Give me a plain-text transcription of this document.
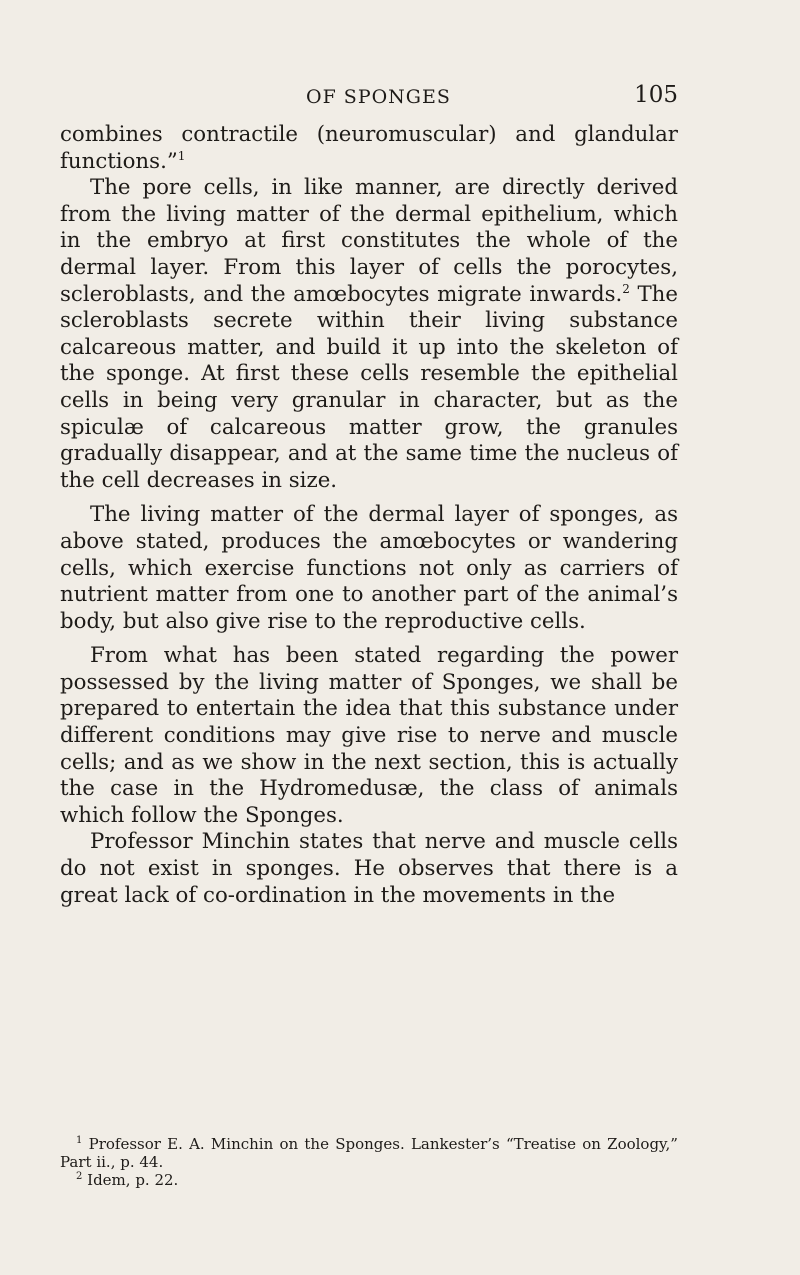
OF SPONGES	105

combines contractile (neuromuscular) and glandular functions.”$^1$

The pore cells, in like manner, are directly derived from the living matter of the dermal epithelium, which in the embryo at first constitutes the whole of the dermal layer. From this layer of cells the porocytes, scleroblasts, and the amœbocytes migrate inwards.$^2$ The scleroblasts secrete within their living substance calcareous matter, and build it up into the skeleton of the sponge. At first these cells resemble the epithelial cells in being very granular in character, but as the spiculæ of calcareous matter grow, the granules gradually disappear, and at the same time the nucleus of the cell decreases in size.

The living matter of the dermal layer of sponges, as above stated, produces the amœbocytes or wandering cells, which exercise functions not only as carriers of nutrient matter from one to another part of the animal’s body, but also give rise to the reproductive cells.

From what has been stated regarding the power possessed by the living matter of Sponges, we shall be prepared to entertain the idea that this substance under different conditions may give rise to nerve and muscle cells; and as we show in the next section, this is actually the case in the Hydromedusæ, the class of animals which follow the Sponges.

Professor Minchin states that nerve and muscle cells do not exist in sponges. He observes that there is a great lack of co-ordination in the movements in the

$^1$ Professor E. A. Minchin on the Sponges. Lankester’s “Treatise on Zoology,” Part ii., p. 44.

$^2$ Idem, p. 22.
